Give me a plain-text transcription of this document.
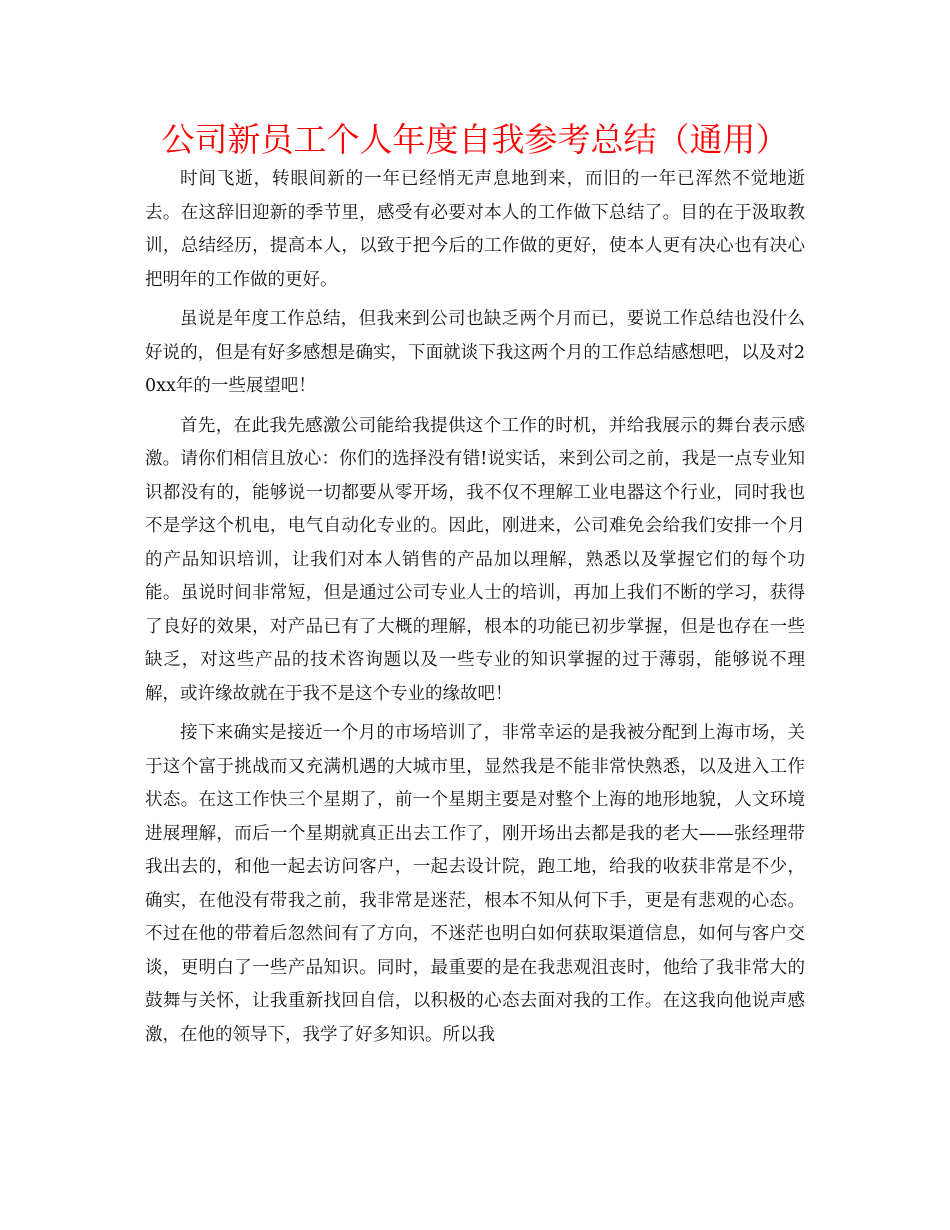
公司新员工个人年度自我参考总结（通用）

时间飞逝，转眼间新的一年已经悄无声息地到来，而旧的一年已浑然不觉地逝去。在这辞旧迎新的季节里，感受有必要对本人的工作做下总结了。目的在于汲取教训，总结经历，提高本人，以致于把今后的工作做的更好，使本人更有决心也有决心把明年的工作做的更好。

虽说是年度工作总结，但我来到公司也缺乏两个月而已，要说工作总结也没什么好说的，但是有好多感想是确实，下面就谈下我这两个月的工作总结感想吧，以及对20xx年的一些展望吧！

首先，在此我先感激公司能给我提供这个工作的时机，并给我展示的舞台表示感激。请你们相信且放心：你们的选择没有错!说实话，来到公司之前，我是一点专业知识都没有的，能够说一切都要从零开场，我不仅不理解工业电器这个行业，同时我也不是学这个机电，电气自动化专业的。因此，刚进来，公司难免会给我们安排一个月的产品知识培训，让我们对本人销售的产品加以理解，熟悉以及掌握它们的每个功能。虽说时间非常短，但是通过公司专业人士的培训，再加上我们不断的学习，获得了良好的效果，对产品已有了大概的理解，根本的功能已初步掌握，但是也存在一些缺乏，对这些产品的技术咨询题以及一些专业的知识掌握的过于薄弱，能够说不理解，或许缘故就在于我不是这个专业的缘故吧！

接下来确实是接近一个月的市场培训了，非常幸运的是我被分配到上海市场，关于这个富于挑战而又充满机遇的大城市里，显然我是不能非常快熟悉，以及进入工作状态。在这工作快三个星期了，前一个星期主要是对整个上海的地形地貌，人文环境进展理解，而后一个星期就真正出去工作了，刚开场出去都是我的老大——张经理带我出去的，和他一起去访问客户，一起去设计院，跑工地，给我的收获非常是不少，确实，在他没有带我之前，我非常是迷茫，根本不知从何下手，更是有悲观的心态。不过在他的带着后忽然间有了方向，不迷茫也明白如何获取渠道信息，如何与客户交谈，更明白了一些产品知识。同时，最重要的是在我悲观沮丧时，他给了我非常大的鼓舞与关怀，让我重新找回自信，以积极的心态去面对我的工作。在这我向他说声感激，在他的领导下，我学了好多知识。所以我
